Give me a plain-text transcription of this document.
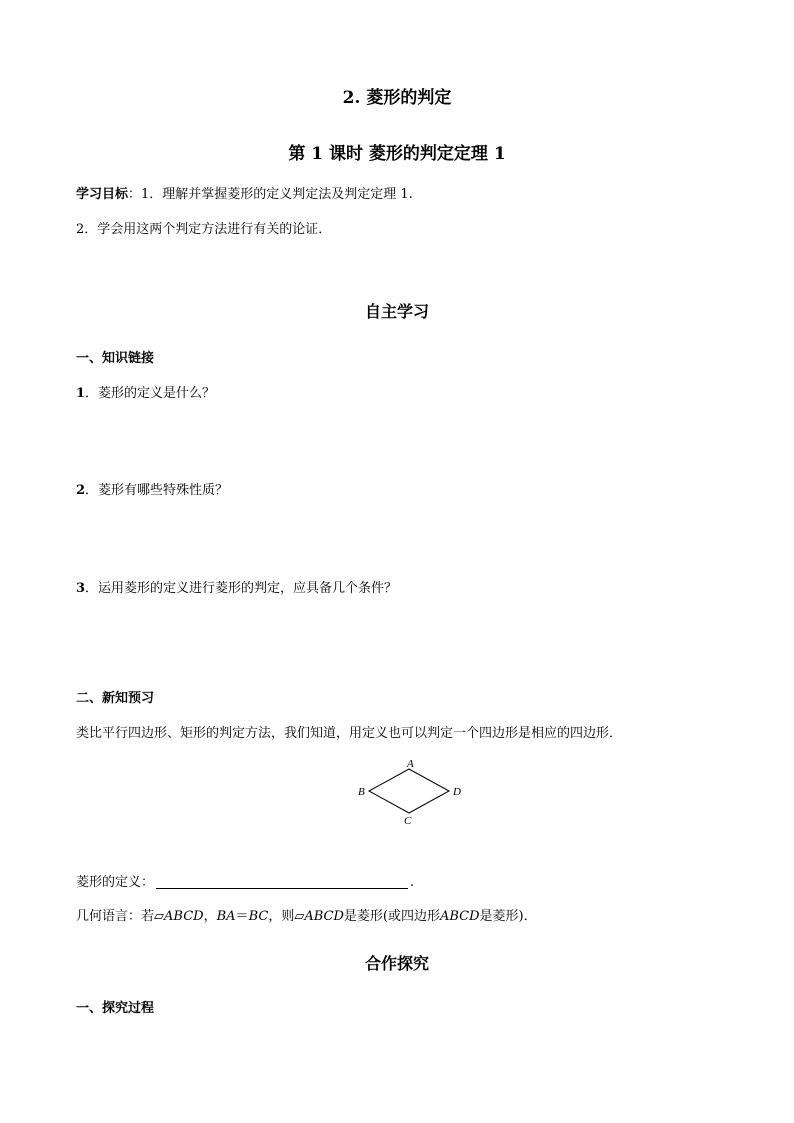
2. 菱形的判定
第 1 课时 菱形的判定定理 1
学习目标：1．理解并掌握菱形的定义判定法及判定定理 1.
2．学会用这两个判定方法进行有关的论证．
自主学习
一、知识链接
1．菱形的定义是什么？
2．菱形有哪些特殊性质？
3．运用菱形的定义进行菱形的判定，应具备几个条件？
二、新知预习
类比平行四边形、矩形的判定方法，我们知道，用定义也可以判定一个四边形是相应的四边形．
A
B
C
D
菱形的定义：	.
几何语言：若▱ABCD，BA＝BC，则▱ABCD是菱形(或四边形ABCD是菱形)．
合作探究
一、探究过程
